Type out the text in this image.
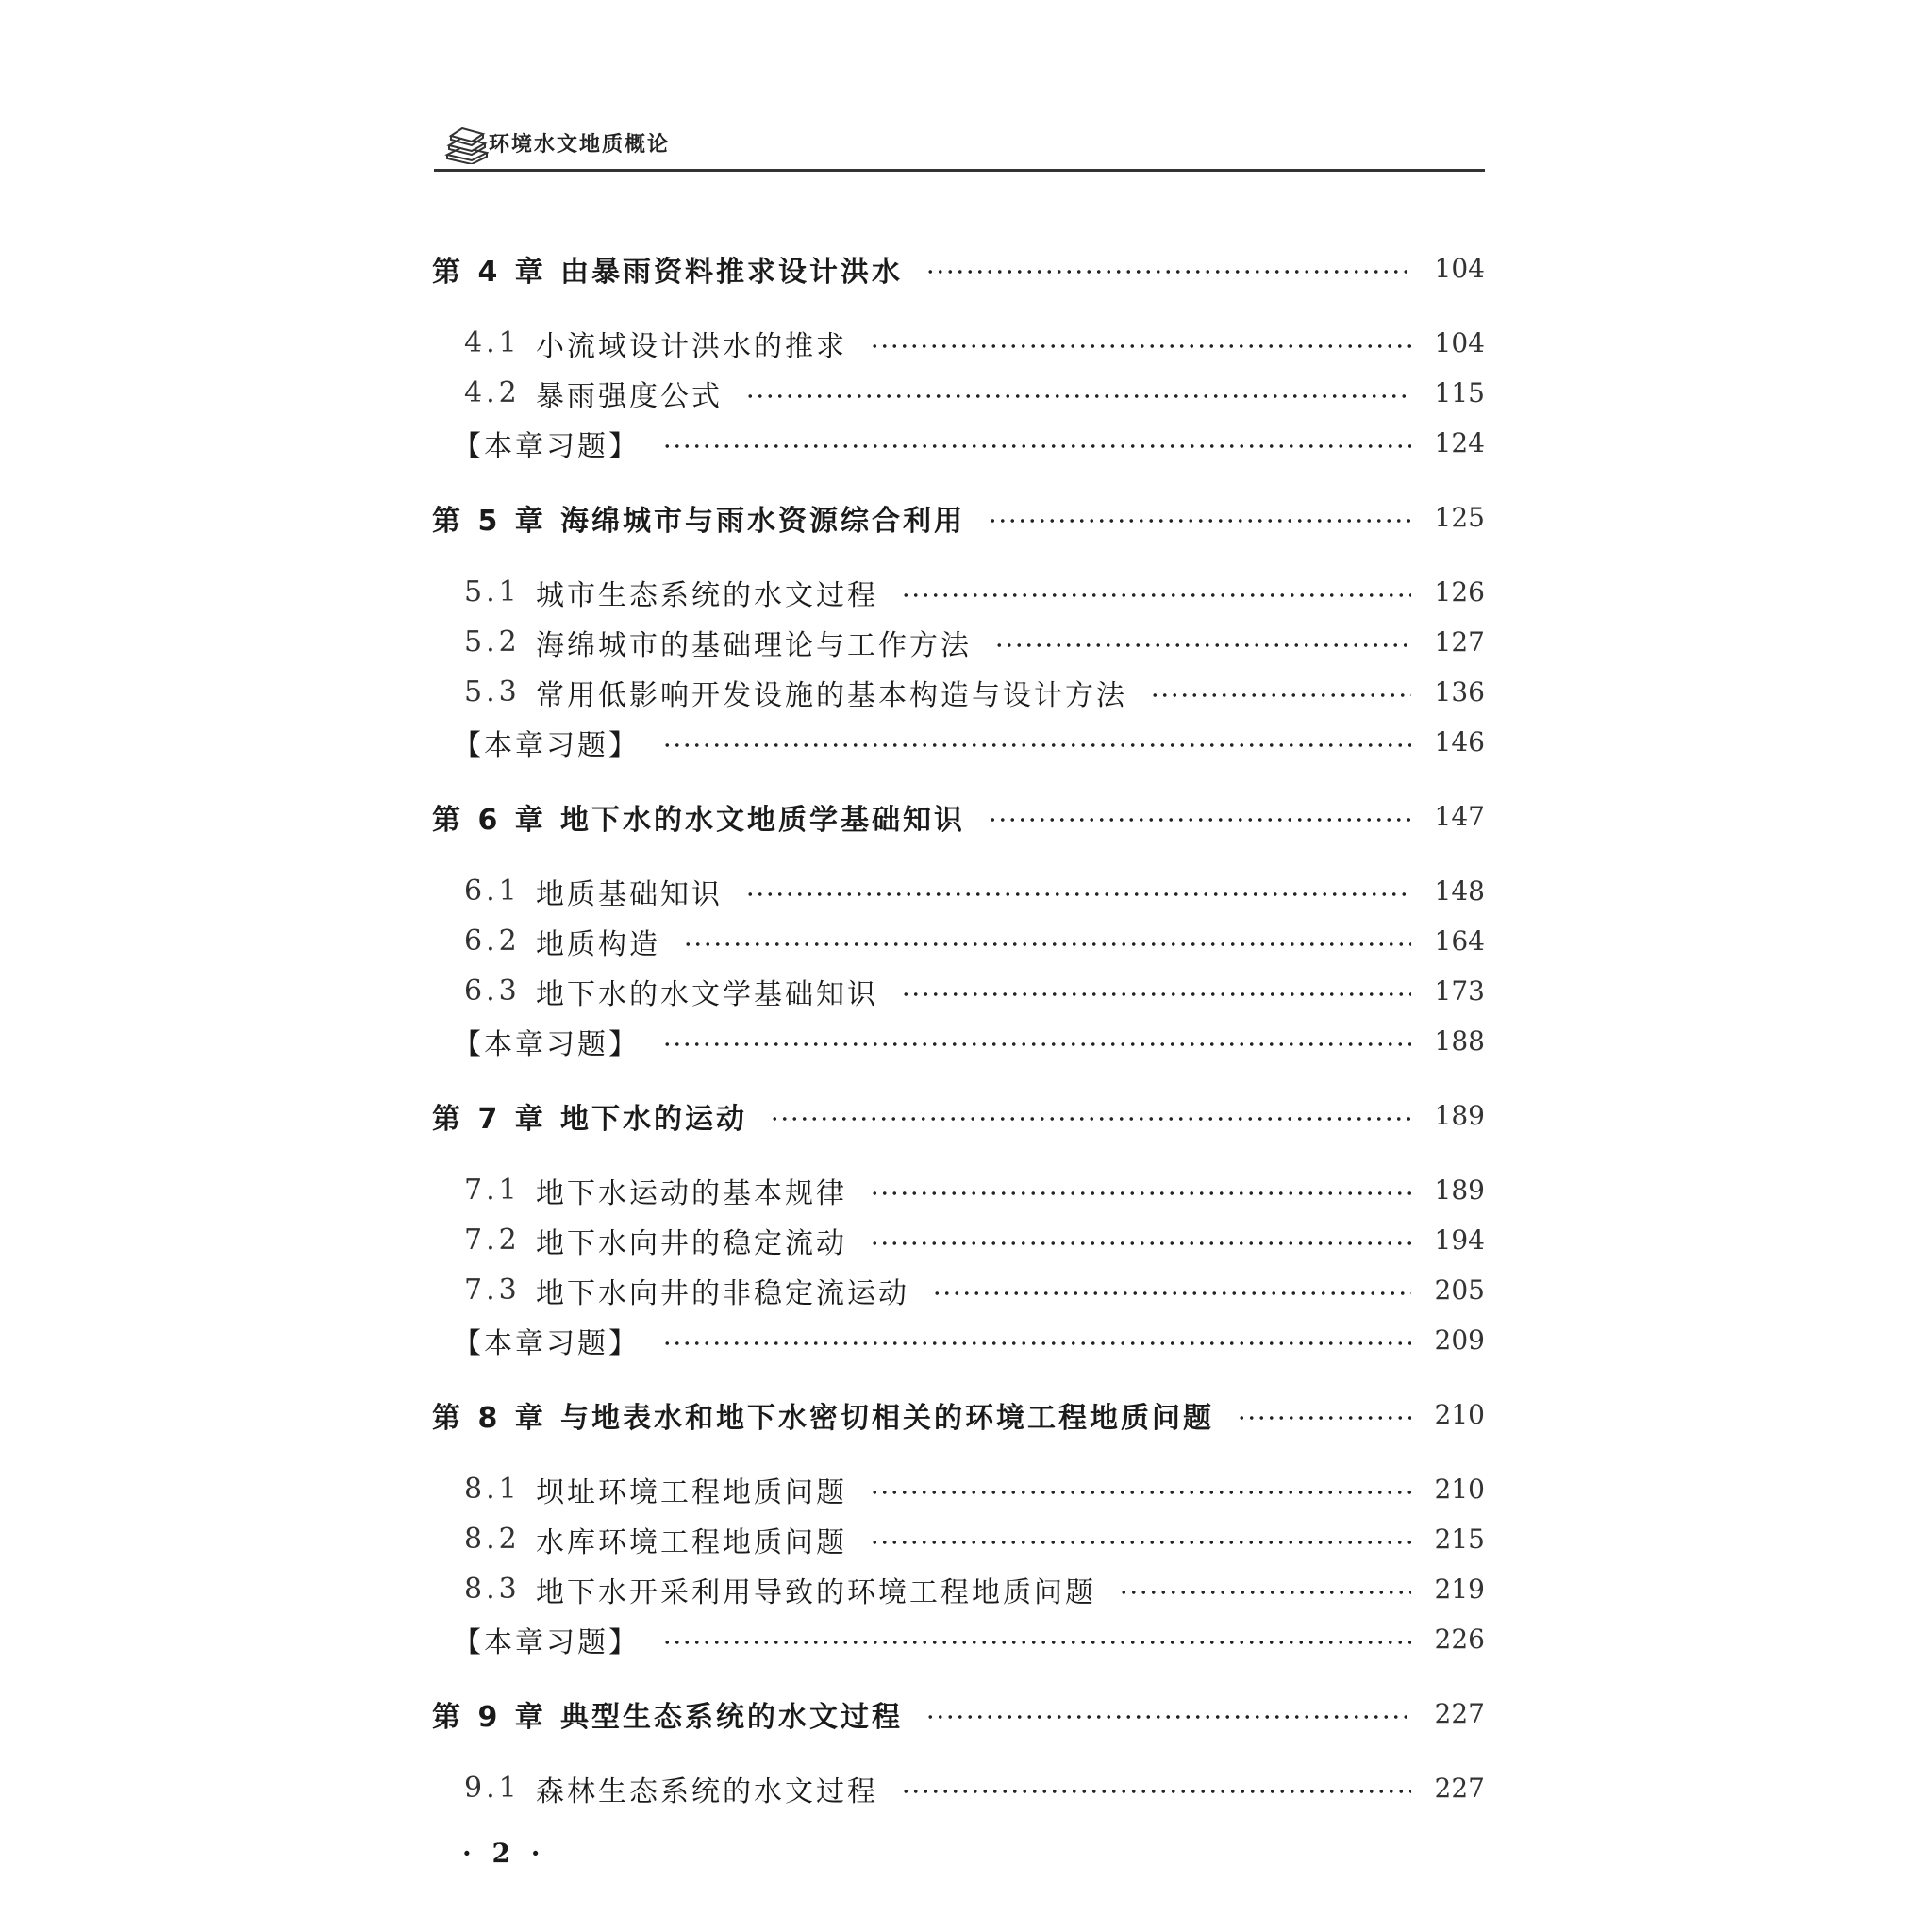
环境水文地质概论
第 4 章 由暴雨资料推求设计洪水	104
4.1 小流域设计洪水的推求	104
4.2 暴雨强度公式	115
【本章习题】	124
第 5 章 海绵城市与雨水资源综合利用	125
5.1 城市生态系统的水文过程	126
5.2 海绵城市的基础理论与工作方法	127
5.3 常用低影响开发设施的基本构造与设计方法	136
【本章习题】	146
第 6 章 地下水的水文地质学基础知识	147
6.1 地质基础知识	148
6.2 地质构造	164
6.3 地下水的水文学基础知识	173
【本章习题】	188
第 7 章 地下水的运动	189
7.1 地下水运动的基本规律	189
7.2 地下水向井的稳定流动	194
7.3 地下水向井的非稳定流运动	205
【本章习题】	209
第 8 章 与地表水和地下水密切相关的环境工程地质问题	210
8.1 坝址环境工程地质问题	210
8.2 水库环境工程地质问题	215
8.3 地下水开采利用导致的环境工程地质问题	219
【本章习题】	226
第 9 章 典型生态系统的水文过程	227
9.1 森林生态系统的水文过程	227
· 2 ·
